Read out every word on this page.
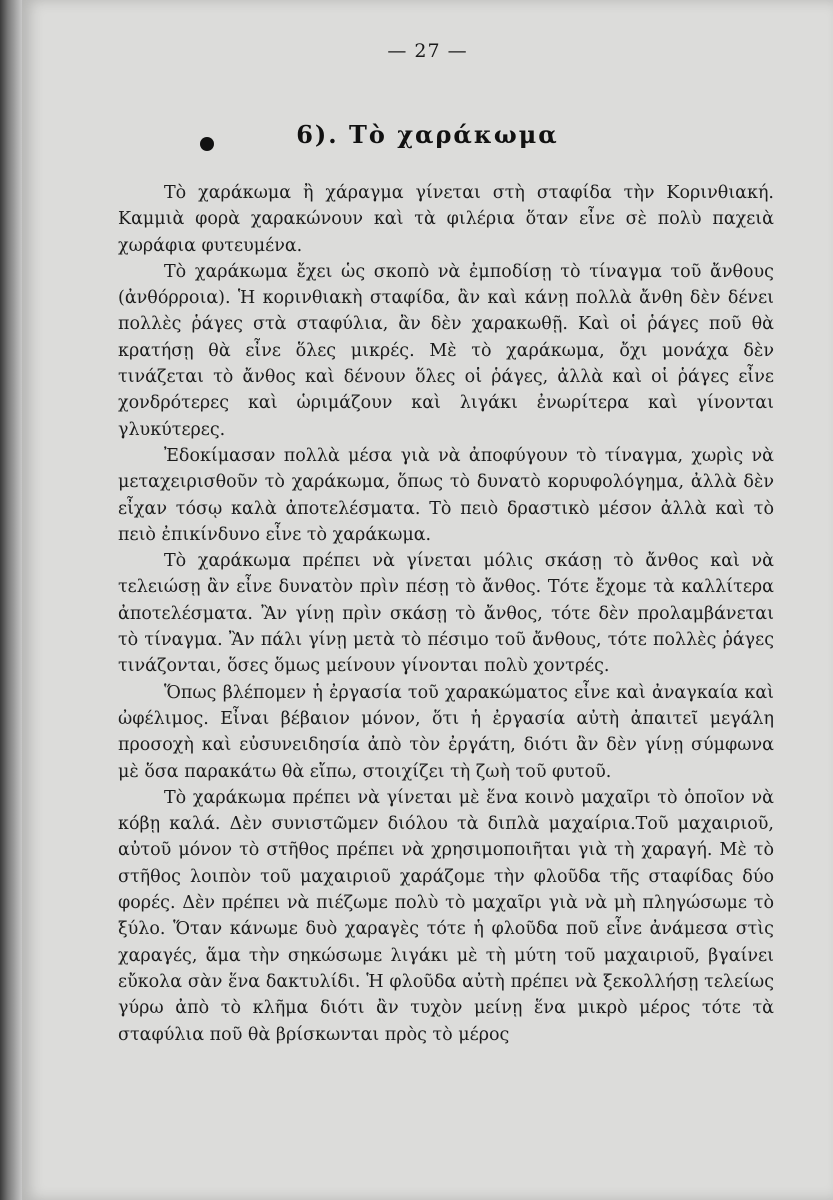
— 27 —
6). Τὸ χαράκωμα

Τὸ χαράκωμα ἢ χάραγμα γίνεται στὴ σταφίδα τὴν Κορινθιακή. Καμμιὰ φορὰ χαρακώνουν καὶ τὰ φιλέρια ὅταν εἶνε σὲ πολὺ παχειὰ χωράφια φυτευμένα.

Τὸ χαράκωμα ἔχει ὡς σκοπὸ νὰ ἐμποδίσῃ τὸ τίναγμα τοῦ ἄνθους (ἀνθόρροια). Ἡ κορινθιακὴ σταφίδα, ἂν καὶ κάνῃ πολλὰ ἄνθη δὲν δένει πολλὲς ῥάγες στὰ σταφύλια, ἂν δὲν χαρακωθῇ. Καὶ οἱ ῥάγες ποῦ θὰ κρατήσῃ θὰ εἶνε ὅλες μικρές. Μὲ τὸ χαράκωμα, ὄχι μονάχα δὲν τινάζεται τὸ ἄνθος καὶ δένουν ὅλες οἱ ῥάγες, ἀλλὰ καὶ οἱ ῥάγες εἶνε χονδρότερες καὶ ὡριμάζουν καὶ λιγάκι ἐνωρίτερα καὶ γίνονται γλυκύτερες.

Ἐδοκίμασαν πολλὰ μέσα γιὰ νὰ ἀποφύγουν τὸ τίναγμα, χωρὶς νὰ μεταχειρισθοῦν τὸ χαράκωμα, ὅπως τὸ δυνατὸ κορυφολόγημα, ἀλλὰ δὲν εἶχαν τόσῳ καλὰ ἀποτελέσματα. Τὸ πειὸ δραστικὸ μέσον ἀλλὰ καὶ τὸ πειὸ ἐπικίνδυνο εἶνε τὸ χαράκωμα.

Τὸ χαράκωμα πρέπει νὰ γίνεται μόλις σκάσῃ τὸ ἄνθος καὶ νὰ τελειώσῃ ἂν εἶνε δυνατὸν πρὶν πέσῃ τὸ ἄνθος. Τότε ἔχομε τὰ καλλίτερα ἀποτελέσματα. Ἂν γίνῃ πρὶν σκάσῃ τὸ ἄνθος, τότε δὲν προλαμβάνεται τὸ τίναγμα. Ἂν πάλι γίνῃ μετὰ τὸ πέσιμο τοῦ ἄνθους, τότε πολλὲς ῥάγες τινάζονται, ὅσες ὅμως μείνουν γίνονται πολὺ χοντρές.

Ὅπως βλέπομεν ἡ ἐργασία τοῦ χαρακώματος εἶνε καὶ ἀναγκαία καὶ ὠφέλιμος. Εἶναι βέβαιον μόνον, ὅτι ἡ ἐργασία αὐτὴ ἀπαιτεῖ μεγάλη προσοχὴ καὶ εὐσυνειδησία ἀπὸ τὸν ἐργάτη, διότι ἂν δὲν γίνῃ σύμφωνα μὲ ὅσα παρακάτω θὰ εἴπω, στοιχίζει τὴ ζωὴ τοῦ φυτοῦ.

Τὸ χαράκωμα πρέπει νὰ γίνεται μὲ ἕνα κοινὸ μαχαῖρι τὸ ὁποῖον νὰ κόβῃ καλά. Δὲν συνιστῶμεν διόλου τὰ διπλὰ μαχαίρια.Τοῦ μαχαιριοῦ, αὐτοῦ μόνον τὸ στῆθος πρέπει νὰ χρησιμοποιῆται γιὰ τὴ χαραγή. Μὲ τὸ στῆθος λοιπὸν τοῦ μαχαιριοῦ χαράζομε τὴν φλοῦδα τῆς σταφίδας δύο φορές. Δὲν πρέπει νὰ πιέζωμε πολὺ τὸ μαχαῖρι γιὰ νὰ μὴ πληγώσωμε τὸ ξύλο. Ὅταν κάνωμε δυὸ χαραγὲς τότε ἡ φλοῦδα ποῦ εἶνε ἀνάμεσα στὶς χαραγές, ἅμα τὴν σηκώσωμε λιγάκι μὲ τὴ μύτη τοῦ μαχαιριοῦ, βγαίνει εὔκολα σὰν ἕνα δακτυλίδι. Ἡ φλοῦδα αὐτὴ πρέπει νὰ ξεκολλήσῃ τελείως γύρω ἀπὸ τὸ κλῆμα διότι ἂν τυχὸν μείνῃ ἕνα μικρὸ μέρος τότε τὰ σταφύλια ποῦ θὰ βρίσκωνται πρὸς τὸ μέρος
